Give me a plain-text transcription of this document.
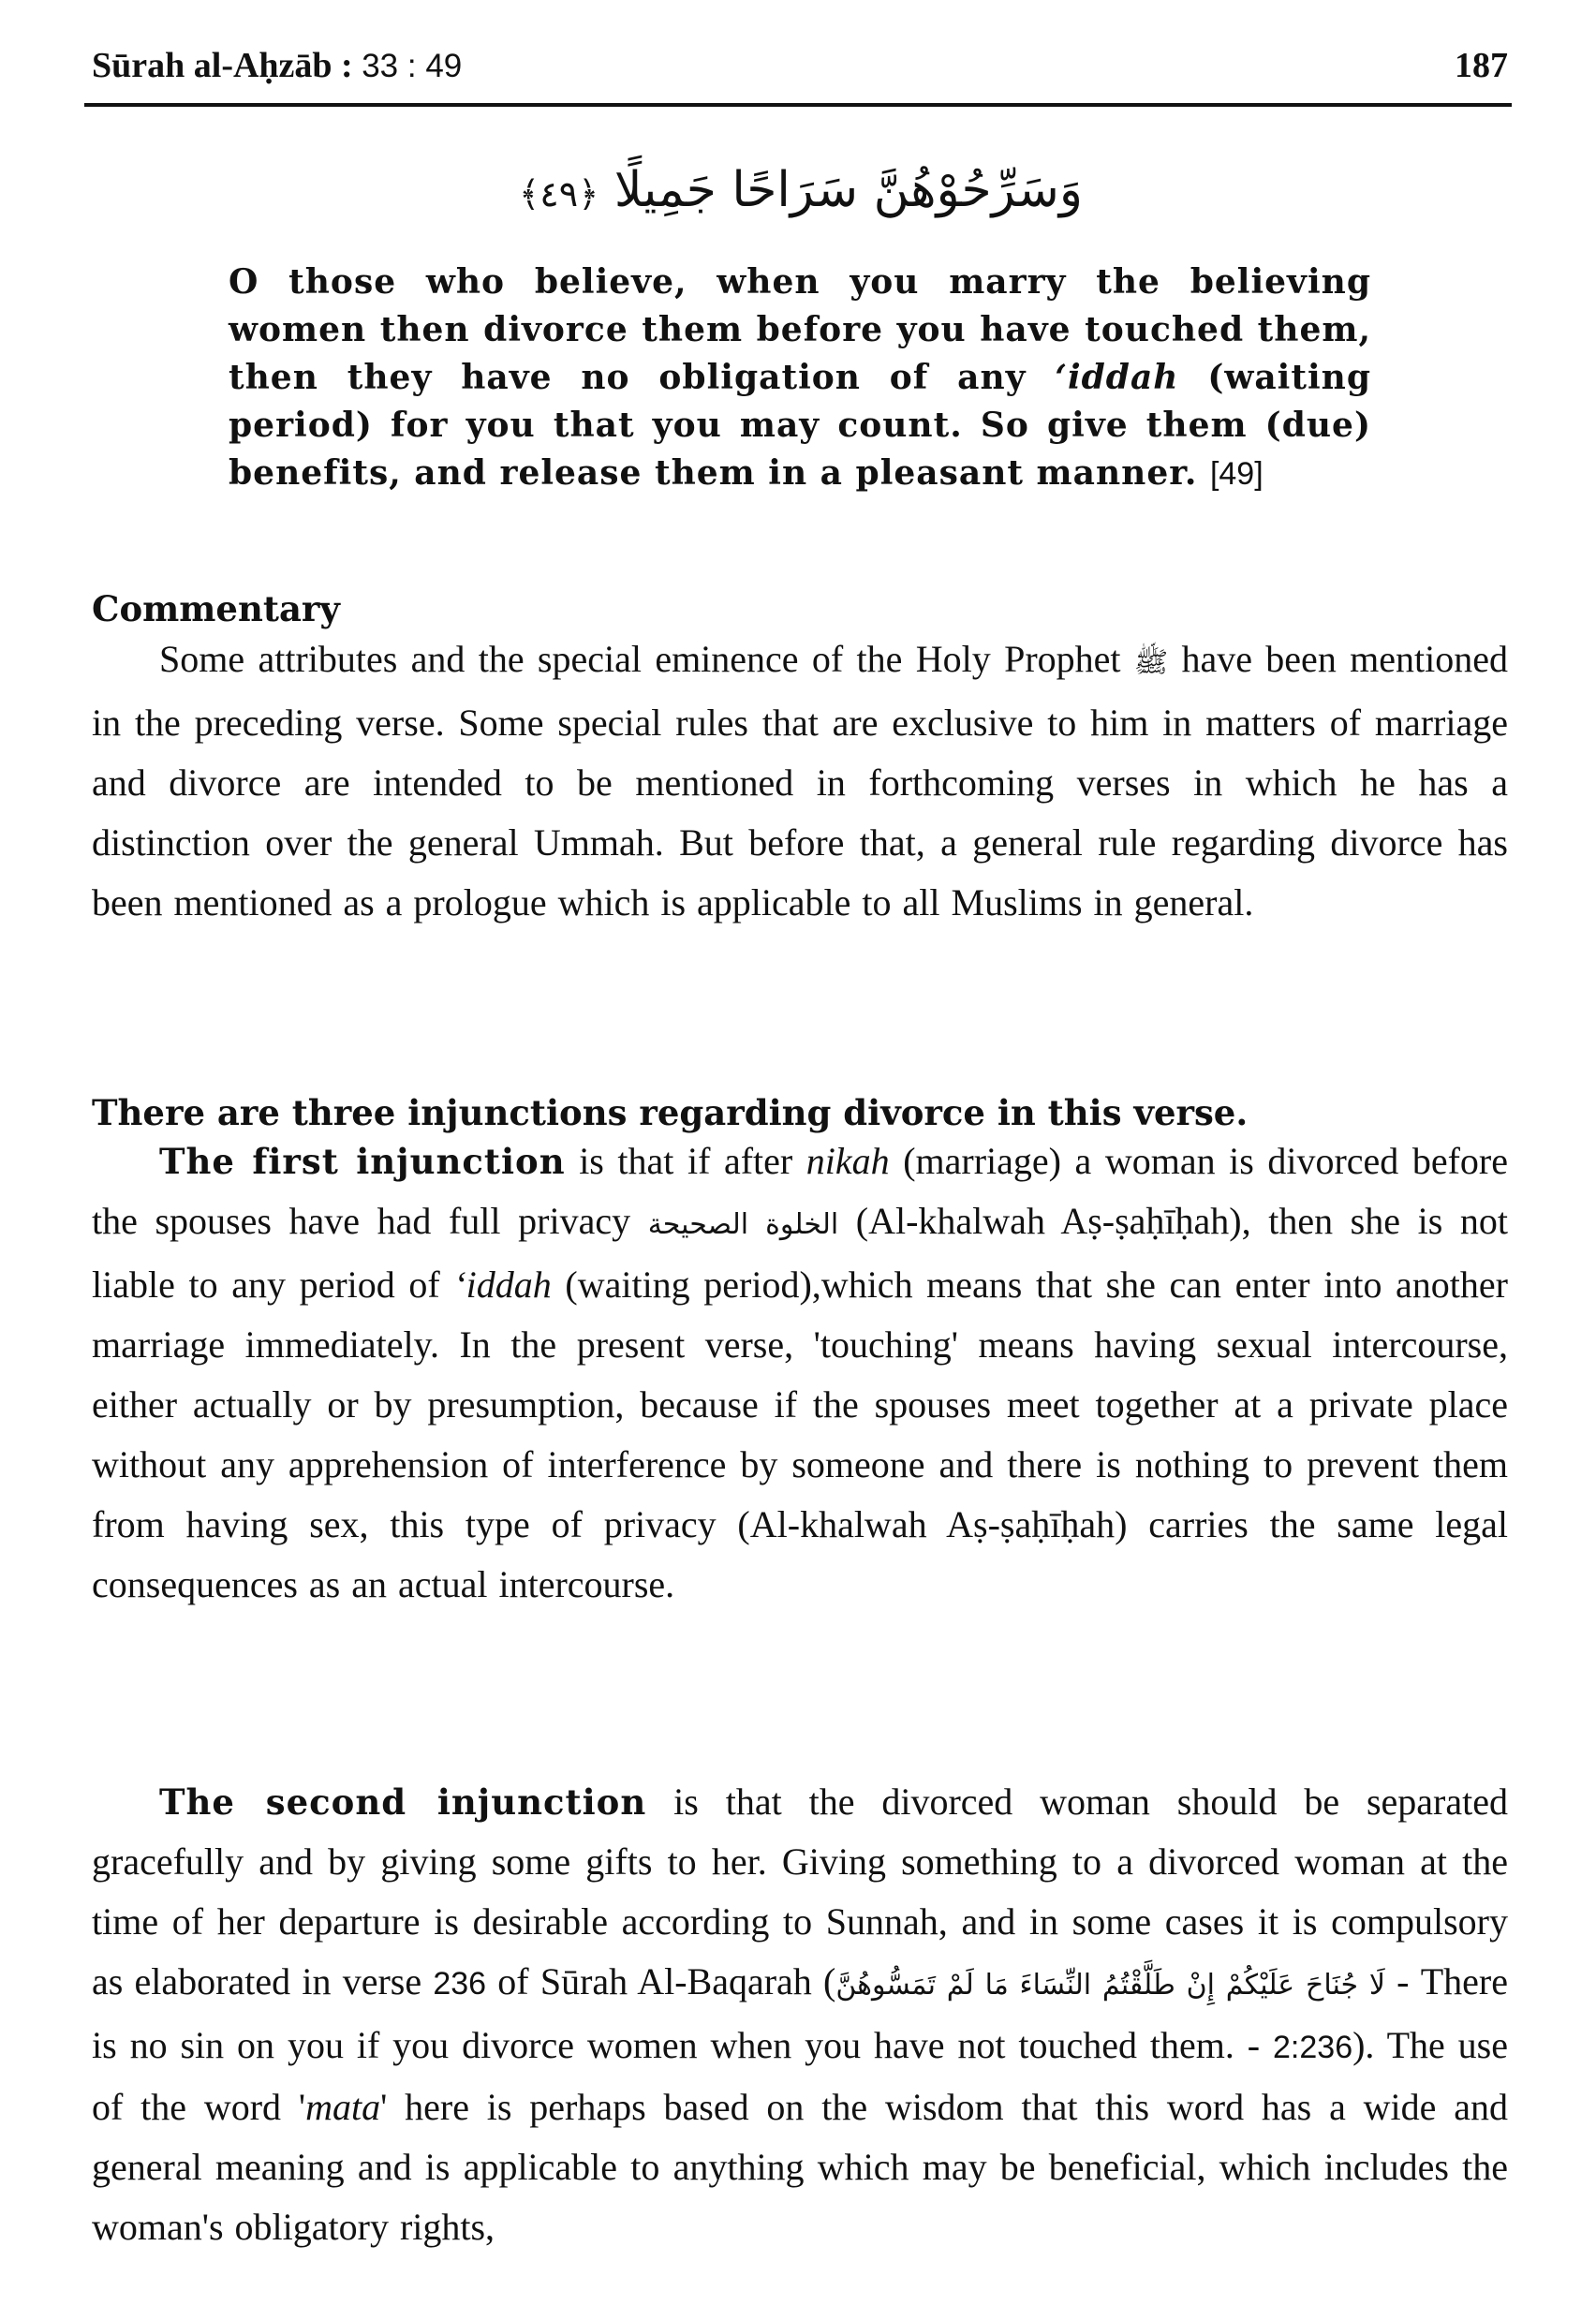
Sūrah al-Aḥzāb : 33 : 49	187
وَسَرِّحُوْهُنَّ سَرَاحًا جَمِيلًا ﴿٤٩﴾
O those who believe, when you marry the believing women then divorce them before you have touched them, then they have no obligation of any ‘iddah (waiting period) for you that you may count. So give them (due) benefits, and release them in a pleasant manner. [49]
Commentary

Some attributes and the special eminence of the Holy Prophet ﷺ have been mentioned in the preceding verse. Some special rules that are exclusive to him in matters of marriage and divorce are intended to be mentioned in forthcoming verses in which he has a distinction over the general Ummah. But before that, a general rule regarding divorce has been mentioned as a prologue which is applicable to all Muslims in general.

There are three injunctions regarding divorce in this verse.

The first injunction is that if after nikah (marriage) a woman is divorced before the spouses have had full privacy الخلوة الصحيحة (Al-khalwah Aṣ-ṣaḥīḥah), then she is not liable to any period of ‘iddah (waiting period),which means that she can enter into another marriage immediately. In the present verse, 'touching' means having sexual intercourse, either actually or by presumption, because if the spouses meet together at a private place without any apprehension of interference by someone and there is nothing to prevent them from having sex, this type of privacy (Al-khalwah Aṣ-ṣaḥīḥah) carries the same legal consequences as an actual intercourse.

The second injunction is that the divorced woman should be separated gracefully and by giving some gifts to her. Giving something to a divorced woman at the time of her departure is desirable according to Sunnah, and in some cases it is compulsory as elaborated in verse 236 of Sūrah Al-Baqarah (لَا جُنَاحَ عَلَيْكُمْ إِنْ طَلَّقْتُمُ النِّسَاءَ مَا لَمْ تَمَسُّوهُنَّ - There is no sin on you if you divorce women when you have not touched them. - 2:236). The use of the word 'mata' here is perhaps based on the wisdom that this word has a wide and general meaning and is applicable to anything which may be beneficial, which includes the woman's obligatory rights,
